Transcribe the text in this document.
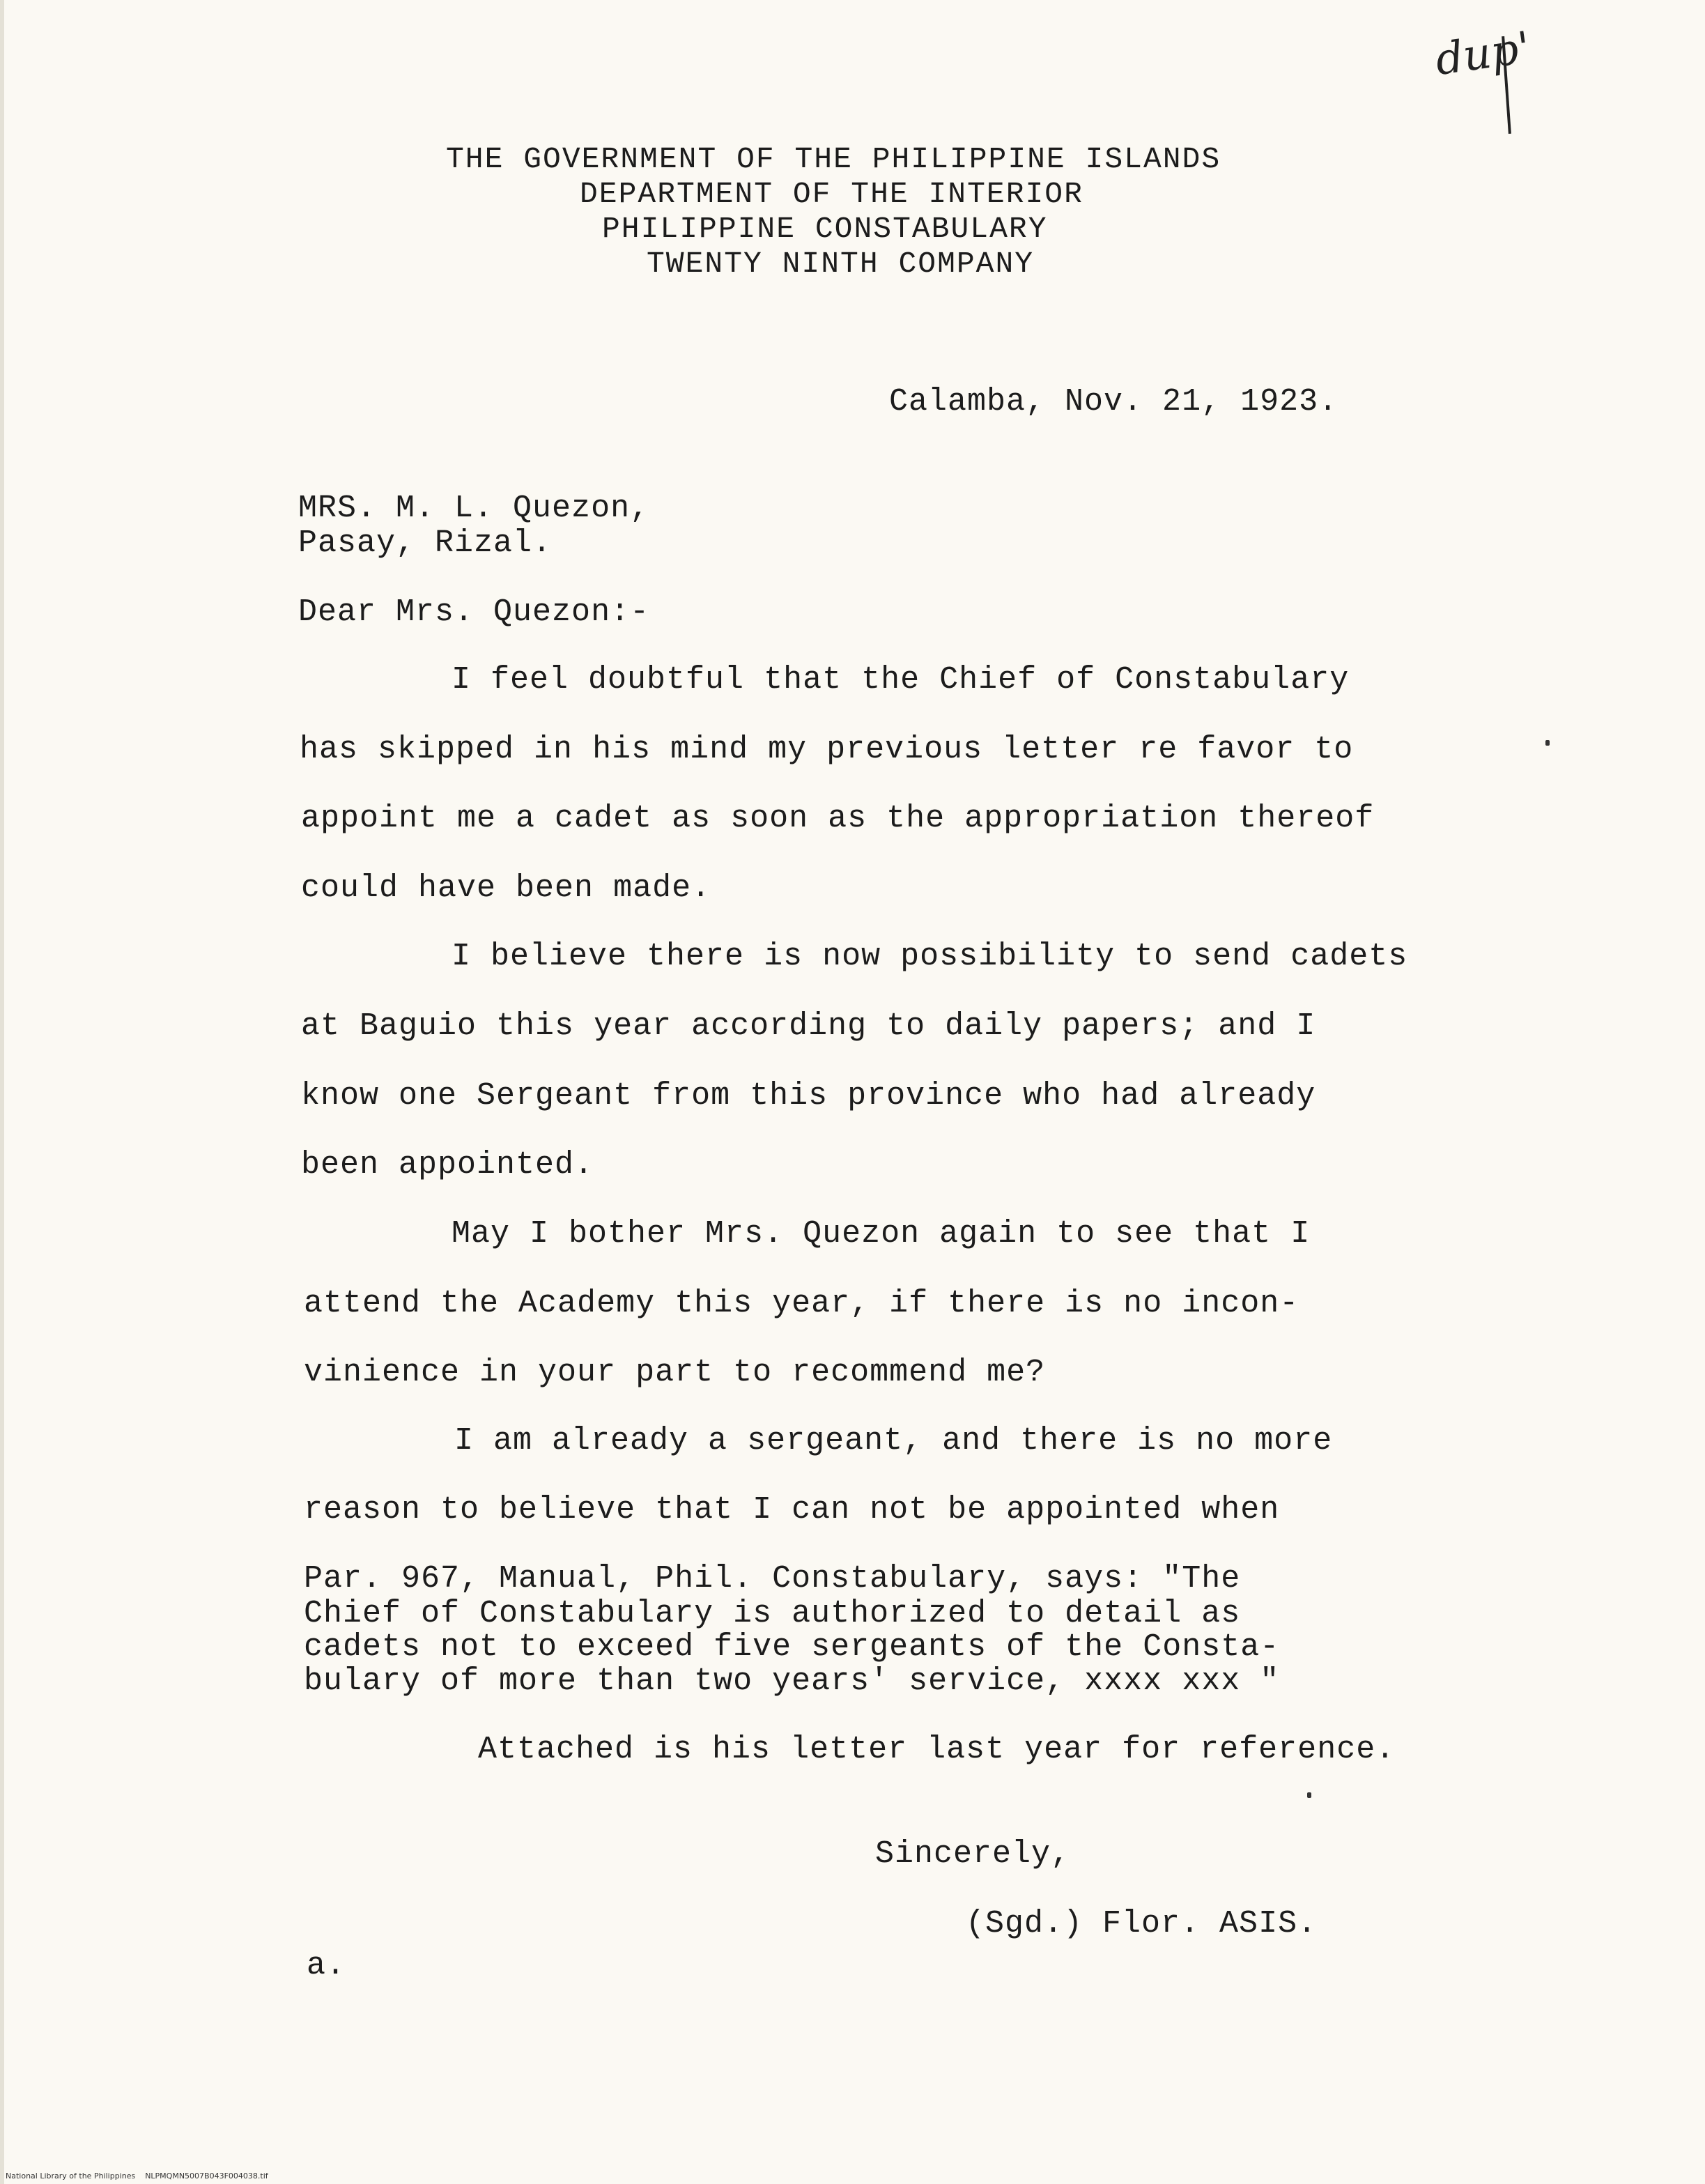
dup'
THE GOVERNMENT OF THE PHILIPPINE ISLANDS
DEPARTMENT OF THE INTERIOR
PHILIPPINE CONSTABULARY
TWENTY NINTH COMPANY
Calamba, Nov. 21, 1923.
MRS. M. L. Quezon,
Pasay, Rizal.
Dear Mrs. Quezon:-
I feel doubtful that the Chief of Constabulary
has skipped in his mind my previous letter re favor to
appoint me a cadet as soon as the appropriation thereof
could have been made.
I believe there is now possibility to send cadets
at Baguio this year according to daily papers; and I
know one Sergeant from this province who had already
been appointed.
May I bother Mrs. Quezon again to see that I
attend the Academy this year, if there is no incon-
vinience in your part to recommend me?
I am already a sergeant, and there is no more
reason to believe that I can not be appointed when
Par. 967, Manual, Phil. Constabulary, says: "The
Chief of Constabulary is authorized to detail as
cadets not to exceed five sergeants of the Consta-
bulary of more than two years' service, xxxx xxx "
Attached is his letter last year for reference.
Sincerely,
(Sgd.) Flor. ASIS.
a.
National Library of the Philippines    NLPMQMN5007B043F004038.tif
